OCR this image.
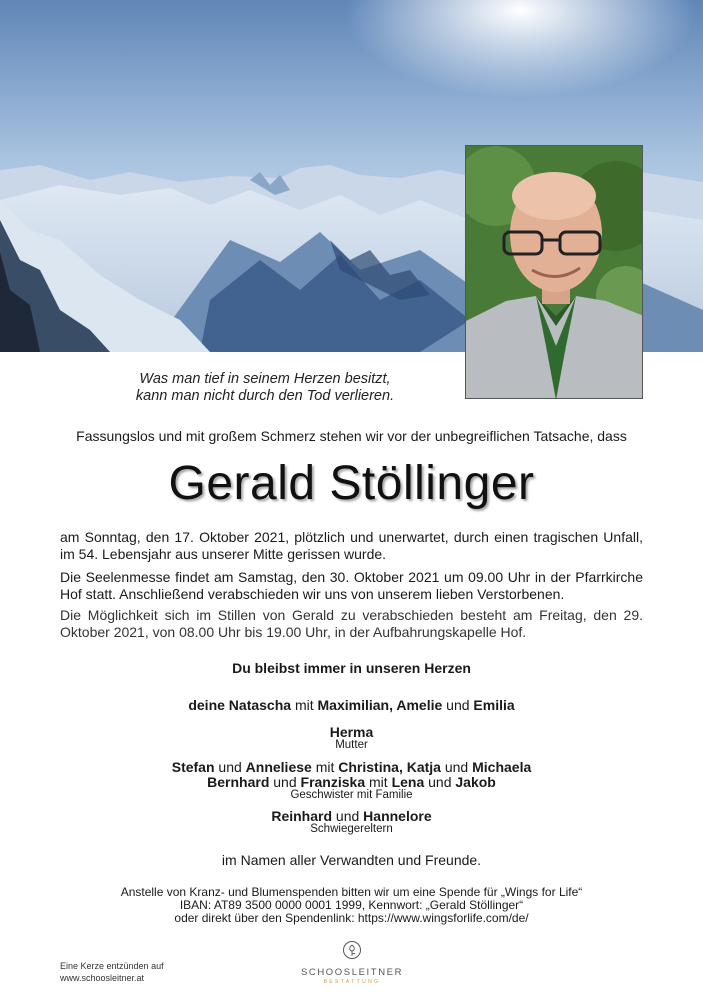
Was man tief in seinem Herzen besitzt,
kann man nicht durch den Tod verlieren.
Fassungslos und mit großem Schmerz stehen wir vor der unbegreiflichen Tatsache, dass
Gerald Stöllinger
am Sonntag, den 17. Oktober 2021, plötzlich und unerwartet, durch einen tragischen Unfall, im 54. Lebensjahr aus unserer Mitte gerissen wurde.
Die Seelenmesse findet am Samstag, den 30. Oktober 2021 um 09.00 Uhr in der Pfarrkirche Hof statt. Anschließend verabschieden wir uns von unserem lieben Verstorbenen.
Die Möglichkeit sich im Stillen von Gerald zu verabschieden besteht am Freitag, den 29. Oktober 2021, von 08.00 Uhr bis 19.00 Uhr, in der Aufbahrungskapelle Hof.
Du bleibst immer in unseren Herzen
deine Natascha mit Maximilian, Amelie und Emilia
Herma
Mutter
Stefan und Anneliese mit Christina, Katja und Michaela
Bernhard und Franziska mit Lena und Jakob
Geschwister mit Familie
Reinhard und Hannelore
Schwiegereltern
im Namen aller Verwandten und Freunde.
Anstelle von Kranz- und Blumenspenden bitten wir um eine Spende für „Wings for Life“
IBAN: AT89 3500 0000 0001 1999, Kennwort: „Gerald Stöllinger“
oder direkt über den Spendenlink: https://www.wingsforlife.com/de/
Eine Kerze entzünden auf
www.schoosleitner.at	SCHOOSLEITNER
BESTATTUNG
